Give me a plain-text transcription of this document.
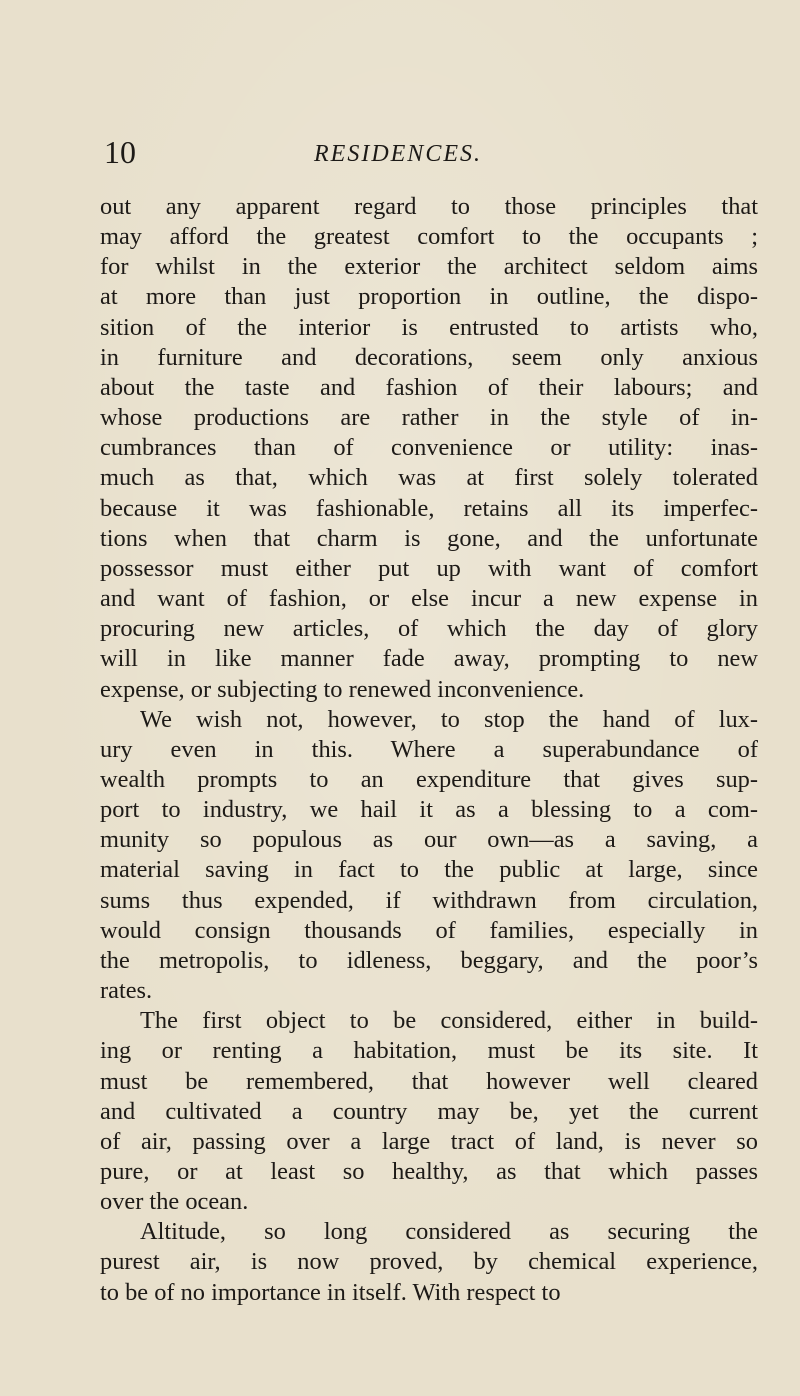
10	RESIDENCES.
out any apparent regard to those principles that
may afford the greatest comfort to the occupants ;
for whilst in the exterior the architect seldom aims
at more than just proportion in outline, the dispo-
sition of the interior is entrusted to artists who,
in furniture and decorations, seem only anxious
about the taste and fashion of their labours; and
whose productions are rather in the style of in-
cumbrances than of convenience or utility: inas-
much as that, which was at first solely tolerated
because it was fashionable, retains all its imperfec-
tions when that charm is gone, and the unfortunate
possessor must either put up with want of comfort
and want of fashion, or else incur a new expense in
procuring new articles, of which the day of glory
will in like manner fade away, prompting to new
expense, or subjecting to renewed inconvenience.
We wish not, however, to stop the hand of lux-
ury even in this. Where a superabundance of
wealth prompts to an expenditure that gives sup-
port to industry, we hail it as a blessing to a com-
munity so populous as our own—as a saving, a
material saving in fact to the public at large, since
sums thus expended, if withdrawn from circulation,
would consign thousands of families, especially in
the metropolis, to idleness, beggary, and the poor’s
rates.
The first object to be considered, either in build-
ing or renting a habitation, must be its site. It
must be remembered, that however well cleared
and cultivated a country may be, yet the current
of air, passing over a large tract of land, is never so
pure, or at least so healthy, as that which passes
over the ocean.
Altitude, so long considered as securing the
purest air, is now proved, by chemical experience,
to be of no importance in itself. With respect to
